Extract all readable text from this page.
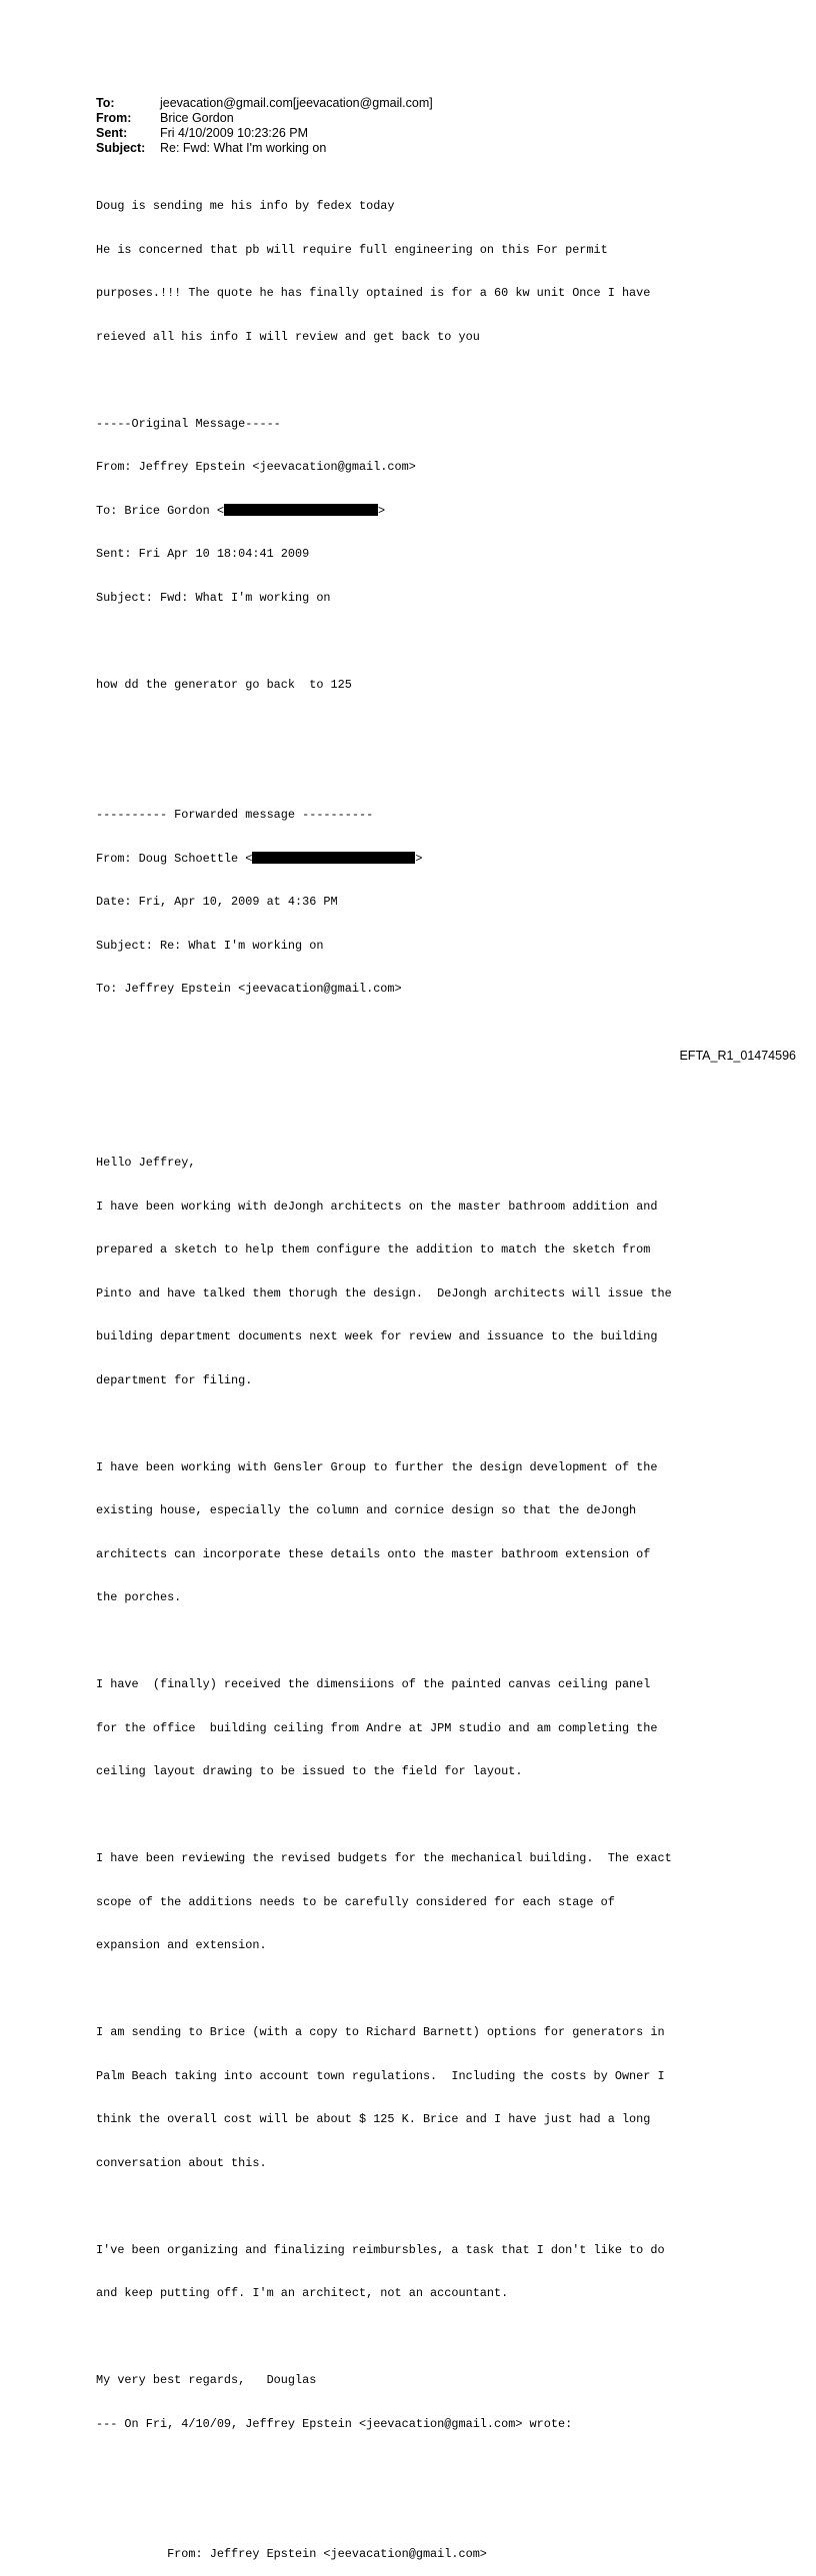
To:	jeevacation@gmail.com[jeevacation@gmail.com]
From:	Brice Gordon
Sent:	Fri 4/10/2009 10:23:26 PM
Subject:	Re: Fwd: What I'm working on

Doug is sending me his info by fedex today

He is concerned that pb will require full engineering on this For permit

purposes.!!! The quote he has finally optained is for a 60 kw unit Once I have

reieved all his info I will review and get back to you

-----Original Message-----

From: Jeffrey Epstein <jeevacation@gmail.com>

To: Brice Gordon <	>

Sent: Fri Apr 10 18:04:41 2009

Subject: Fwd: What I'm working on

how dd the generator go back  to 125

---------- Forwarded message ----------

From: Doug Schoettle <	>

Date: Fri, Apr 10, 2009 at 4:36 PM

Subject: Re: What I'm working on

To: Jeffrey Epstein <jeevacation@gmail.com>

Hello Jeffrey,

I have been working with deJongh architects on the master bathroom addition and

prepared a sketch to help them configure the addition to match the sketch from

Pinto and have talked them thorugh the design.  DeJongh architects will issue the

building department documents next week for review and issuance to the building

department for filing.

I have been working with Gensler Group to further the design development of the

existing house, especially the column and cornice design so that the deJongh

architects can incorporate these details onto the master bathroom extension of

the porches.

I have  (finally) received the dimensiions of the painted canvas ceiling panel

for the office  building ceiling from Andre at JPM studio and am completing the

ceiling layout drawing to be issued to the field for layout.

I have been reviewing the revised budgets for the mechanical building.  The exact

scope of the additions needs to be carefully considered for each stage of

expansion and extension.

I am sending to Brice (with a copy to Richard Barnett) options for generators in

Palm Beach taking into account town regulations.  Including the costs by Owner I

think the overall cost will be about $ 125 K. Brice and I have just had a long

conversation about this.

I've been organizing and finalizing reimbursbles, a task that I don't like to do

and keep putting off. I'm an architect, not an accountant.

My very best regards,   Douglas

--- On Fri, 4/10/09, Jeffrey Epstein <jeevacation@gmail.com> wrote:

From: Jeffrey Epstein <jeevacation@gmail.com>

EFTA_R1_01474596
